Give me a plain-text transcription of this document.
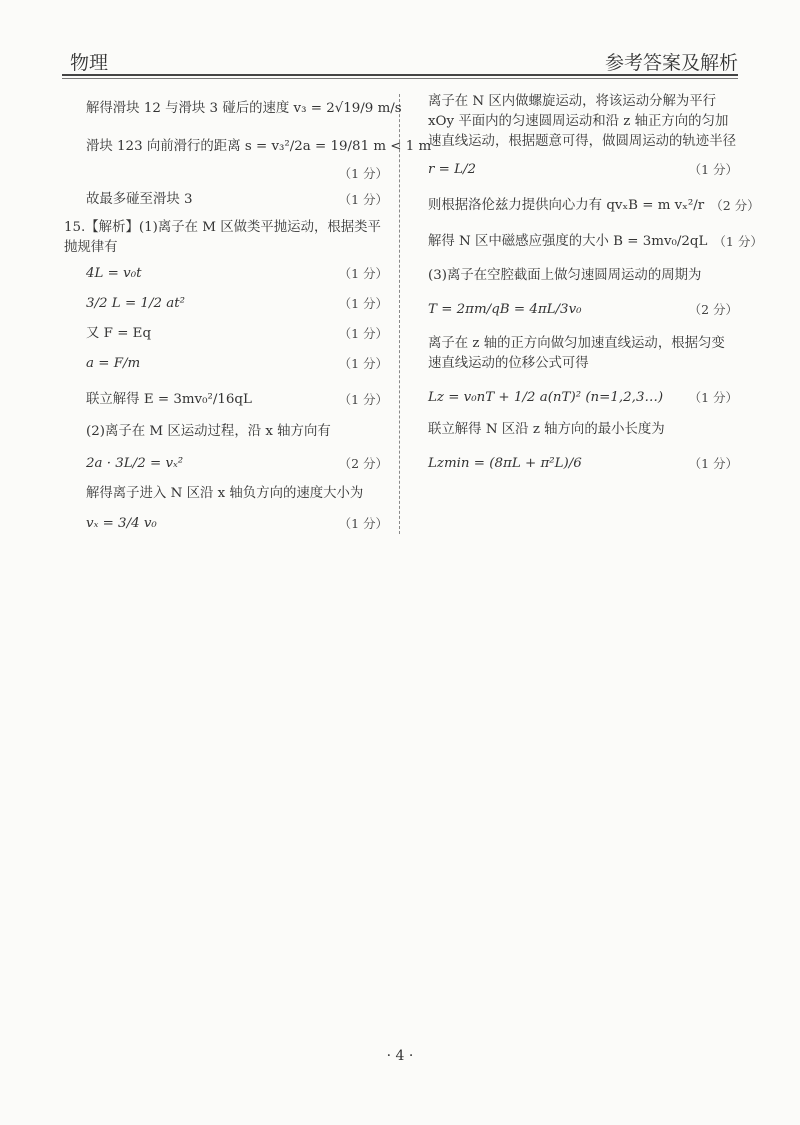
物理	参考答案及解析
解得滑块 12 与滑块 3 碰后的速度 v₃ = 2√19/9 m/s
滑块 123 向前滑行的距离 s = v₃²/2a = 19/81 m < 1 m
（1 分）
故最多碰至滑块 3	（1 分）
15.【解析】(1)离子在 M 区做类平抛运动，根据类平抛规律有
4L = v₀t	（1 分）
3/2 L = 1/2 at²	（1 分）
又 F = Eq	（1 分）
a = F/m	（1 分）
联立解得 E = 3mv₀²/16qL	（1 分）
(2)离子在 M 区运动过程，沿 x 轴方向有
2a · 3L/2 = vₓ²	（2 分）
解得离子进入 N 区沿 x 轴负方向的速度大小为
vₓ = 3/4 v₀	（1 分）
离子在 N 区内做螺旋运动，将该运动分解为平行 xOy 平面内的匀速圆周运动和沿 z 轴正方向的匀加速直线运动，根据题意可得，做圆周运动的轨迹半径
r = L/2	（1 分）
则根据洛伦兹力提供向心力有 qvₓB = m vₓ²/r （2 分）
解得 N 区中磁感应强度的大小 B = 3mv₀/2qL （1 分）
(3)离子在空腔截面上做匀速圆周运动的周期为
T = 2πm/qB = 4πL/3v₀	（2 分）
离子在 z 轴的正方向做匀加速直线运动，根据匀变速直线运动的位移公式可得
Lz = v₀nT + 1/2 a(nT)² (n=1,2,3…)	（1 分）
联立解得 N 区沿 z 轴方向的最小长度为
Lzmin = (8πL + π²L)/6	（1 分）
· 4 ·
